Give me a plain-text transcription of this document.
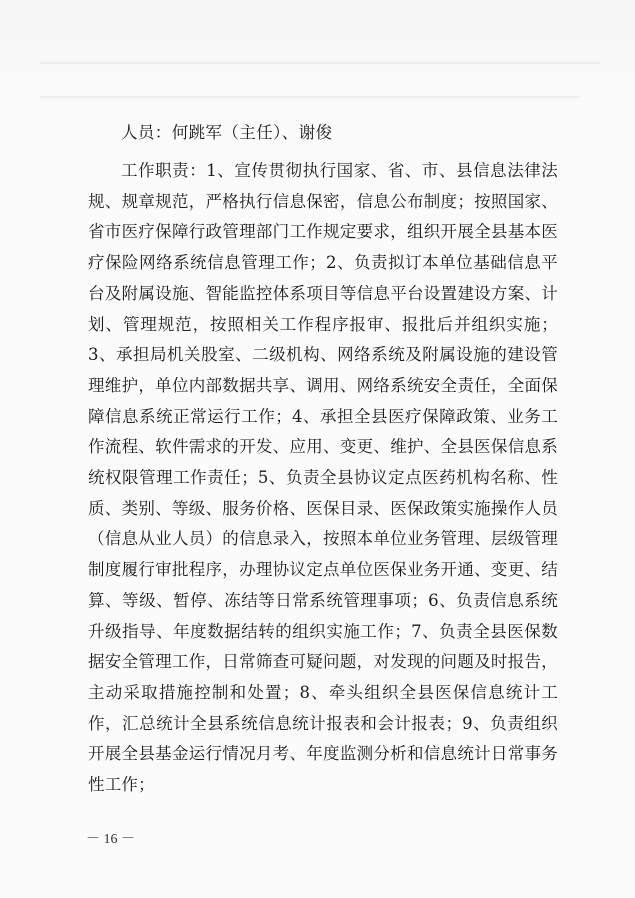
人员：何跳军（主任）、谢俊

工作职责：1、宣传贯彻执行国家、省、市、县信息法律法规、规章规范，严格执行信息保密，信息公布制度；按照国家、省市医疗保障行政管理部门工作规定要求，组织开展全县基本医疗保险网络系统信息管理工作；2、负责拟订本单位基础信息平台及附属设施、智能监控体系项目等信息平台设置建设方案、计划、管理规范，按照相关工作程序报审、报批后并组织实施；3、承担局机关股室、二级机构、网络系统及附属设施的建设管理维护，单位内部数据共享、调用、网络系统安全责任，全面保障信息系统正常运行工作；4、承担全县医疗保障政策、业务工作流程、软件需求的开发、应用、变更、维护、全县医保信息系统权限管理工作责任；5、负责全县协议定点医药机构名称、性质、类别、等级、服务价格、医保目录、医保政策实施操作人员（信息从业人员）的信息录入，按照本单位业务管理、层级管理制度履行审批程序，办理协议定点单位医保业务开通、变更、结算、等级、暂停、冻结等日常系统管理事项；6、负责信息系统升级指导、年度数据结转的组织实施工作；7、负责全县医保数据安全管理工作，日常筛查可疑问题，对发现的问题及时报告，主动采取措施控制和处置；8、牵头组织全县医保信息统计工作，汇总统计全县系统信息统计报表和会计报表；9、负责组织开展全县基金运行情况月考、年度监测分析和信息统计日常事务性工作；

－ 16 －
